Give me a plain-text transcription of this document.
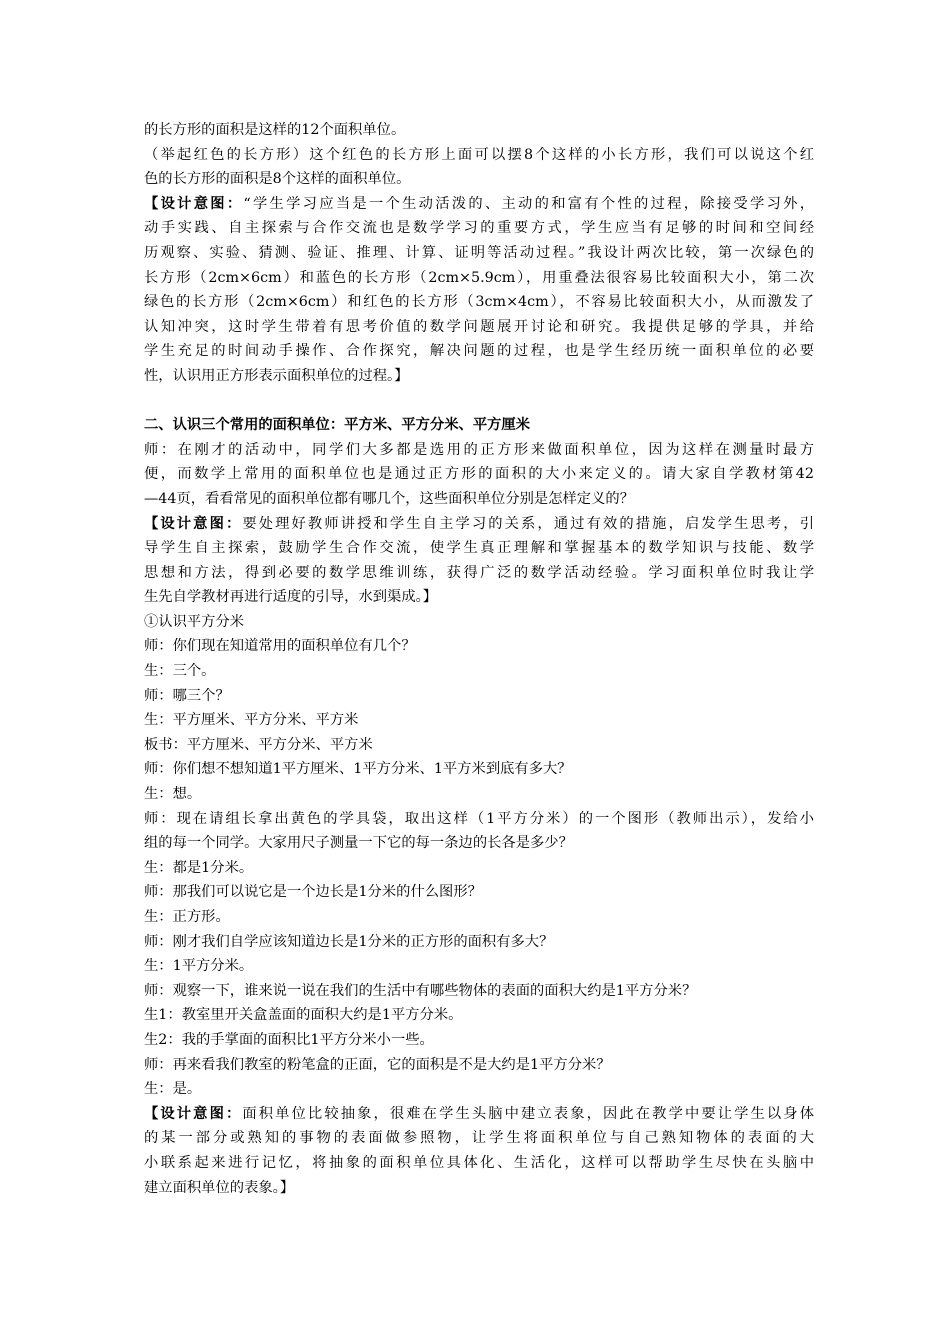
的长方形的面积是这样的12个面积单位。
（举起红色的长方形）这个红色的长方形上面可以摆8个这样的小长方形，我们可以说这个红
色的长方形的面积是8个这样的面积单位。
【设计意图：“学生学习应当是一个生动活泼的、主动的和富有个性的过程，除接受学习外，
动手实践、自主探索与合作交流也是数学学习的重要方式，学生应当有足够的时间和空间经
历观察、实验、猜测、验证、推理、计算、证明等活动过程。”我设计两次比较，第一次绿色的
长方形（2cm×6cm）和蓝色的长方形（2cm×5.9cm），用重叠法很容易比较面积大小，第二次
绿色的长方形（2cm×6cm）和红色的长方形（3cm×4cm），不容易比较面积大小，从而激发了
认知冲突，这时学生带着有思考价值的数学问题展开讨论和研究。我提供足够的学具，并给
学生充足的时间动手操作、合作探究，解决问题的过程，也是学生经历统一面积单位的必要
性，认识用正方形表示面积单位的过程。】
二、认识三个常用的面积单位：平方米、平方分米、平方厘米
师：在刚才的活动中，同学们大多都是选用的正方形来做面积单位，因为这样在测量时最方
便，而数学上常用的面积单位也是通过正方形的面积的大小来定义的。请大家自学教材第42
—44页，看看常见的面积单位都有哪几个，这些面积单位分别是怎样定义的？
【设计意图：要处理好教师讲授和学生自主学习的关系，通过有效的措施，启发学生思考，引
导学生自主探索，鼓励学生合作交流，使学生真正理解和掌握基本的数学知识与技能、数学
思想和方法，得到必要的数学思维训练，获得广泛的数学活动经验。学习面积单位时我让学
生先自学教材再进行适度的引导，水到渠成。】
①认识平方分米
师：你们现在知道常用的面积单位有几个？
生：三个。
师：哪三个？
生：平方厘米、平方分米、平方米
板书：平方厘米、平方分米、平方米
师：你们想不想知道1平方厘米、1平方分米、1平方米到底有多大？
生：想。
师：现在请组长拿出黄色的学具袋，取出这样（1平方分米）的一个图形（教师出示），发给小
组的每一个同学。大家用尺子测量一下它的每一条边的长各是多少？
生：都是1分米。
师：那我们可以说它是一个边长是1分米的什么图形？
生：正方形。
师：刚才我们自学应该知道边长是1分米的正方形的面积有多大？
生：1平方分米。
师：观察一下，谁来说一说在我们的生活中有哪些物体的表面的面积大约是1平方分米？
生1：教室里开关盒盖面的面积大约是1平方分米。
生2：我的手掌面的面积比1平方分米小一些。
师：再来看我们教室的粉笔盒的正面，它的面积是不是大约是1平方分米？
生：是。
【设计意图：面积单位比较抽象，很难在学生头脑中建立表象，因此在教学中要让学生以身体
的某一部分或熟知的事物的表面做参照物，让学生将面积单位与自己熟知物体的表面的大
小联系起来进行记忆，将抽象的面积单位具体化、生活化，这样可以帮助学生尽快在头脑中
建立面积单位的表象。】
